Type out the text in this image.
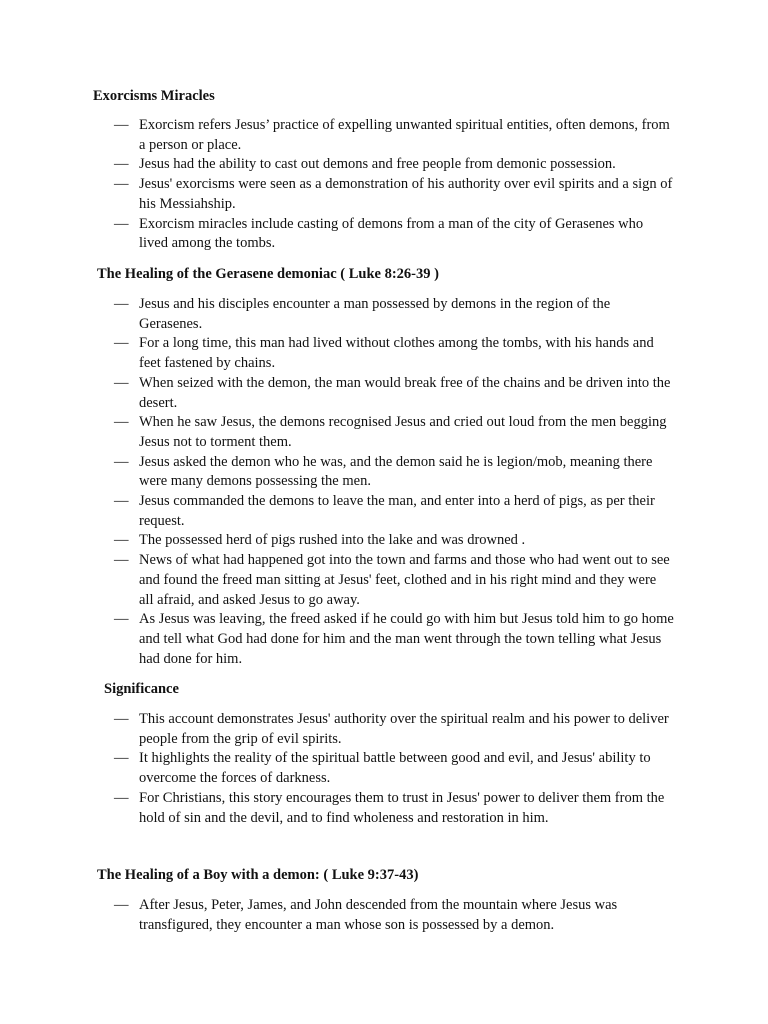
Exorcisms Miracles
— Exorcism refers Jesus’ practice of expelling unwanted spiritual entities, often demons, from a person or place.
— Jesus had the ability to cast out demons and free people from demonic possession.
— Jesus' exorcisms were seen as a demonstration of his authority over evil spirits and a sign of his Messiahship.
— Exorcism miracles include casting of demons from a man of the city of Gerasenes who lived among the tombs.
The Healing of the Gerasene demoniac ( Luke 8:26-39 )
— Jesus and his disciples encounter a man possessed by demons in the region of the Gerasenes.
— For a long time, this man had lived without clothes among the tombs, with his hands and feet fastened by chains.
— When seized with the demon, the man would break free of the chains and be driven into the desert.
— When he saw Jesus, the demons recognised Jesus and cried out loud from the men begging Jesus not to torment them.
— Jesus asked the demon who he was, and the demon said he is legion/mob, meaning there were many demons possessing the men.
— Jesus commanded the demons to leave the man, and enter into a herd of pigs, as per their request.
— The possessed herd of pigs rushed into the lake and was drowned .
— News of what had happened got into the town and farms and those who had went out to see and found the freed man sitting at Jesus' feet, clothed and in his right mind and they were all afraid, and asked Jesus to go away.
— As Jesus was leaving, the freed asked if he could go with him but Jesus told him to go home and tell what God had done for him and the man went through the town telling what Jesus had done for him.
Significance
— This account demonstrates Jesus' authority over the spiritual realm and his power to deliver people from the grip of evil spirits.
— It highlights the reality of the spiritual battle between good and evil, and Jesus' ability to overcome the forces of darkness.
— For Christians, this story encourages them to trust in Jesus' power to deliver them from the hold of sin and the devil, and to find wholeness and restoration in him.
The Healing of a Boy with a demon: ( Luke 9:37-43)
— After Jesus, Peter, James, and John descended from the mountain where Jesus was transfigured, they encounter a man whose son is possessed by a demon.
